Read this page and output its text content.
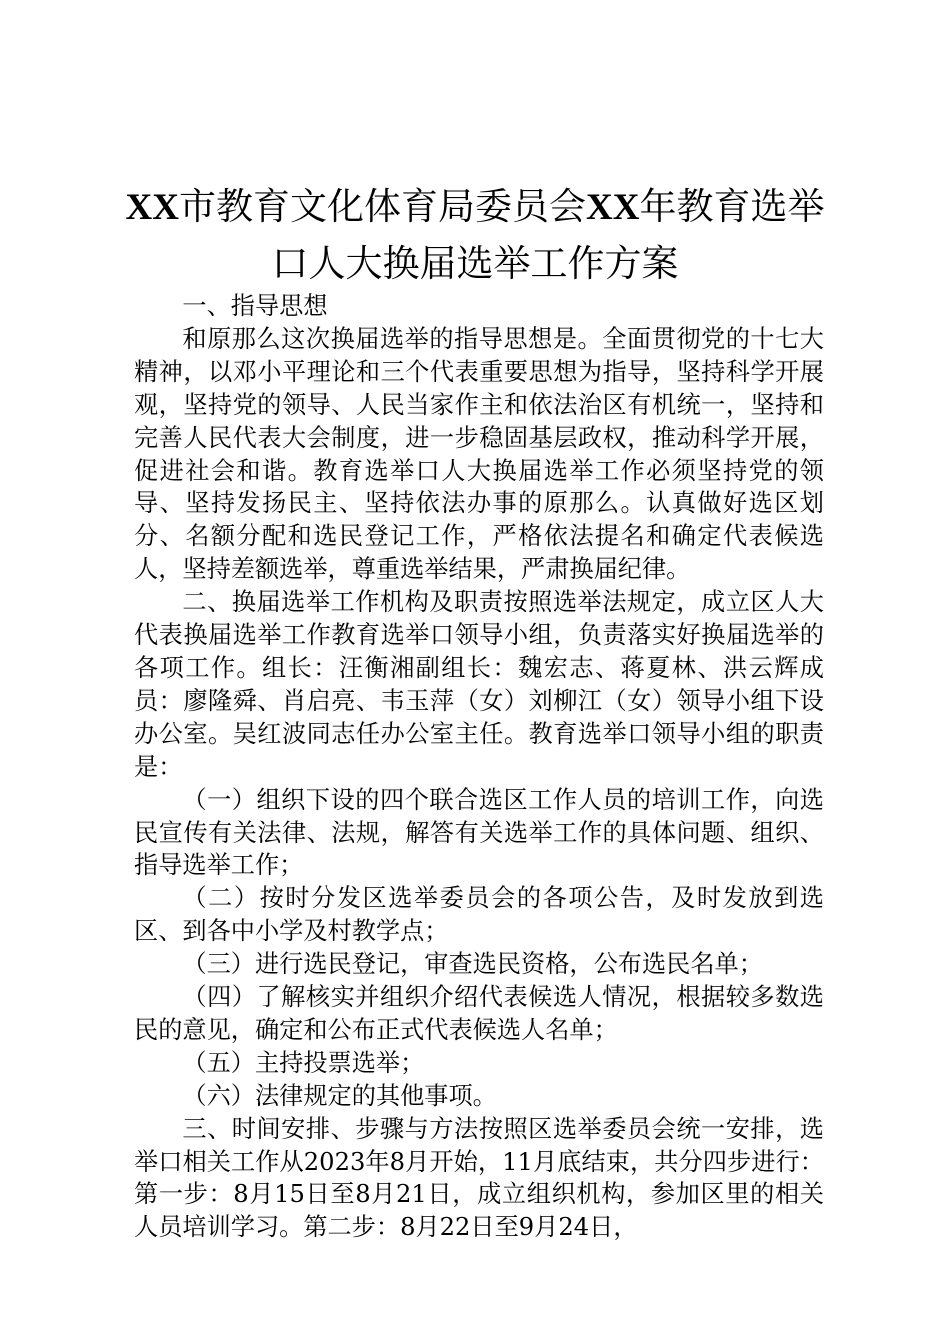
XX市教育文化体育局委员会XX年教育选举
口人大换届选举工作方案

一、指导思想

和原那么这次换届选举的指导思想是。全面贯彻党的十七大精神，以邓小平理论和三个代表重要思想为指导，坚持科学开展观，坚持党的领导、人民当家作主和依法治区有机统一，坚持和完善人民代表大会制度，进一步稳固基层政权，推动科学开展，促进社会和谐。教育选举口人大换届选举工作必须坚持党的领导、坚持发扬民主、坚持依法办事的原那么。认真做好选区划分、名额分配和选民登记工作，严格依法提名和确定代表候选人，坚持差额选举，尊重选举结果，严肃换届纪律。

二、换届选举工作机构及职责按照选举法规定，成立区人大代表换届选举工作教育选举口领导小组，负责落实好换届选举的各项工作。组长：汪衡湘副组长：魏宏志、蒋夏林、洪云辉成员：廖隆舜、肖启亮、韦玉萍（女）刘柳江（女）领导小组下设办公室。吴红波同志任办公室主任。教育选举口领导小组的职责是：

（一）组织下设的四个联合选区工作人员的培训工作，向选民宣传有关法律、法规，解答有关选举工作的具体问题、组织、指导选举工作；

（二）按时分发区选举委员会的各项公告，及时发放到选区、到各中小学及村教学点；

（三）进行选民登记，审查选民资格，公布选民名单；

（四）了解核实并组织介绍代表候选人情况，根据较多数选民的意见，确定和公布正式代表候选人名单；

（五）主持投票选举；

（六）法律规定的其他事项。

三、时间安排、步骤与方法按照区选举委员会统一安排，选举口相关工作从2023年8月开始，11月底结束，共分四步进行：第一步：8月15日至8月21日，成立组织机构，参加区里的相关人员培训学习。第二步：8月22日至9月24日，
